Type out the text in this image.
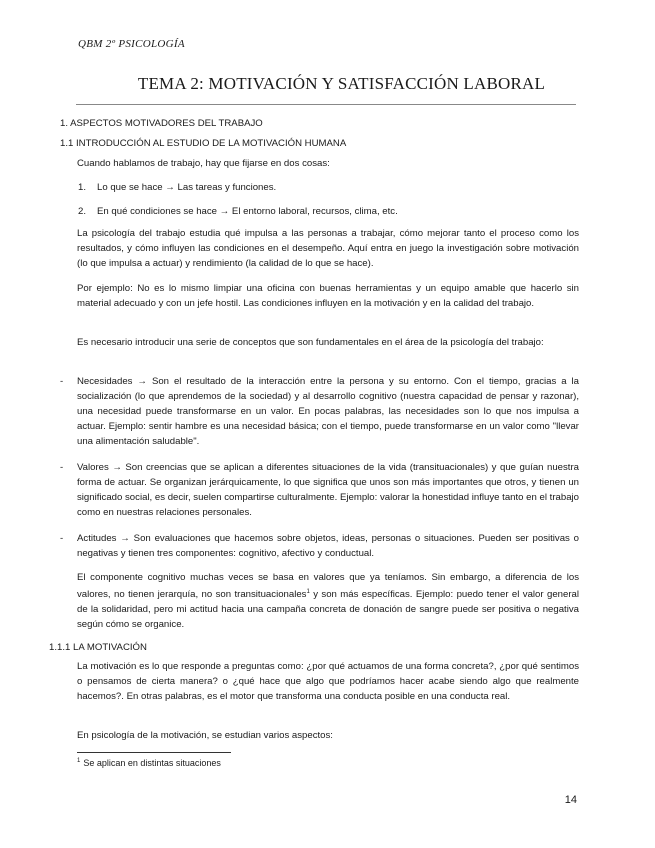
QBM 2º PSICOLOGÍA
TEMA 2: MOTIVACIÓN Y SATISFACCIÓN LABORAL
1. ASPECTOS MOTIVADORES DEL TRABAJO
1.1 INTRODUCCIÓN AL ESTUDIO DE LA MOTIVACIÓN HUMANA
Cuando hablamos de trabajo, hay que fijarse en dos cosas:
1. Lo que se hace → Las tareas y funciones.
2. En qué condiciones se hace → El entorno laboral, recursos, clima, etc.
La psicología del trabajo estudia qué impulsa a las personas a trabajar, cómo mejorar tanto el proceso como los resultados, y cómo influyen las condiciones en el desempeño. Aquí entra en juego la investigación sobre motivación (lo que impulsa a actuar) y rendimiento (la calidad de lo que se hace).
Por ejemplo: No es lo mismo limpiar una oficina con buenas herramientas y un equipo amable que hacerlo sin material adecuado y con un jefe hostil. Las condiciones influyen en la motivación y en la calidad del trabajo.
Es necesario introducir una serie de conceptos que son fundamentales en el área de la psicología del trabajo:
- Necesidades → Son el resultado de la interacción entre la persona y su entorno. Con el tiempo, gracias a la socialización (lo que aprendemos de la sociedad) y al desarrollo cognitivo (nuestra capacidad de pensar y razonar), una necesidad puede transformarse en un valor. En pocas palabras, las necesidades son lo que nos impulsa a actuar. Ejemplo: sentir hambre es una necesidad básica; con el tiempo, puede transformarse en un valor como "llevar una alimentación saludable".
- Valores → Son creencias que se aplican a diferentes situaciones de la vida (transituacionales) y que guían nuestra forma de actuar. Se organizan jerárquicamente, lo que significa que unos son más importantes que otros, y tienen un significado social, es decir, suelen compartirse culturalmente. Ejemplo: valorar la honestidad influye tanto en el trabajo como en nuestras relaciones personales.
- Actitudes → Son evaluaciones que hacemos sobre objetos, ideas, personas o situaciones. Pueden ser positivas o negativas y tienen tres componentes: cognitivo, afectivo y conductual.
El componente cognitivo muchas veces se basa en valores que ya teníamos. Sin embargo, a diferencia de los valores, no tienen jerarquía, no son transituacionales$^1$ y son más específicas. Ejemplo: puedo tener el valor general de la solidaridad, pero mi actitud hacia una campaña concreta de donación de sangre puede ser positiva o negativa según cómo se organice.
1.1.1 LA MOTIVACIÓN
La motivación es lo que responde a preguntas como: ¿por qué actuamos de una forma concreta?, ¿por qué sentimos o pensamos de cierta manera? o ¿qué hace que algo que podríamos hacer acabe siendo algo que realmente hacemos?. En otras palabras, es el motor que transforma una conducta posible en una conducta real.
En psicología de la motivación, se estudian varios aspectos:
$^1$ Se aplican en distintas situaciones
14
